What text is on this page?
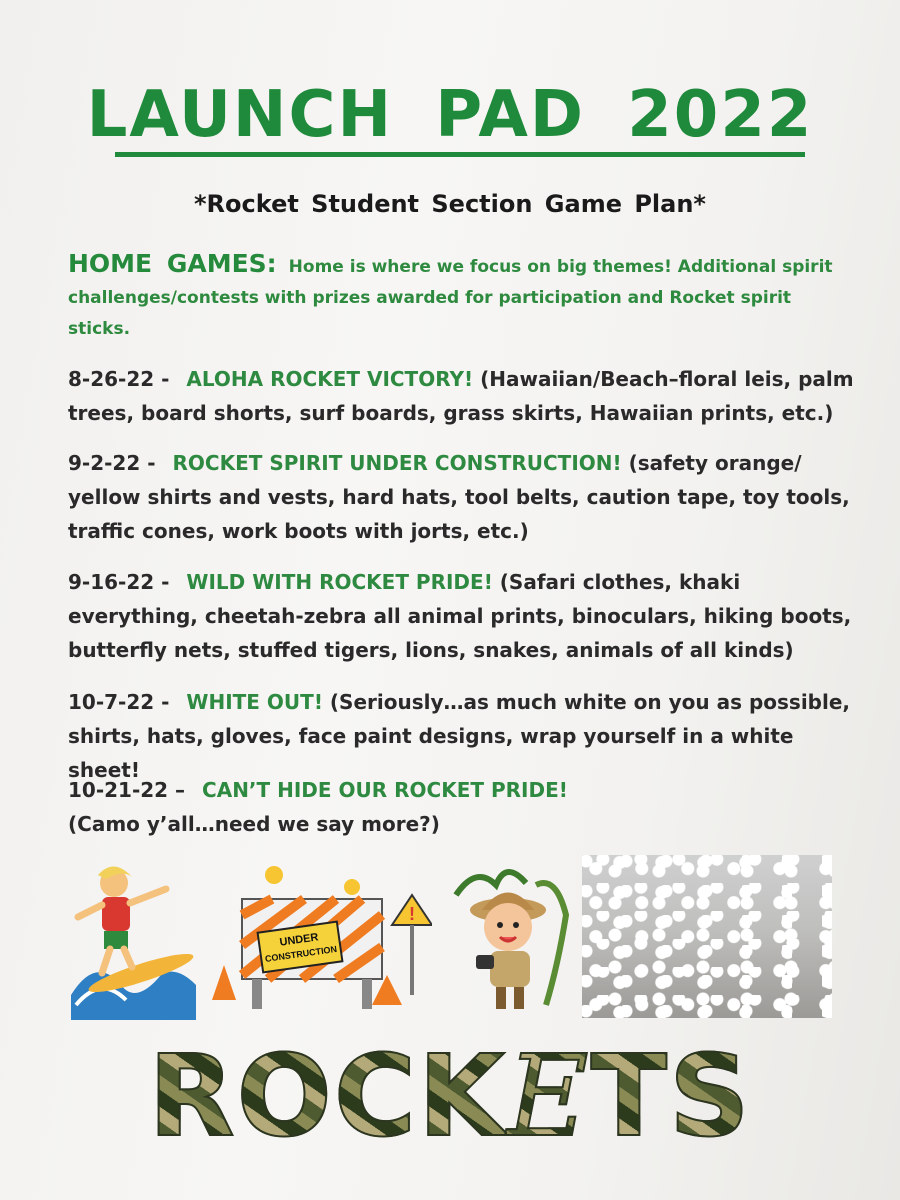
LAUNCH PAD 2022
*Rocket Student Section Game Plan*
HOME GAMES: Home is where we focus on big themes! Additional spirit challenges/contests with prizes awarded for participation and Rocket spirit sticks.
8-26-22 - ALOHA ROCKET VICTORY! (Hawaiian/Beach–floral leis, palm trees, board shorts, surf boards, grass skirts, Hawaiian prints, etc.)
9-2-22 - ROCKET SPIRIT UNDER CONSTRUCTION! (safety orange/ yellow shirts and vests, hard hats, tool belts, caution tape, toy tools, traffic cones, work boots with jorts, etc.)
9-16-22 - WILD WITH ROCKET PRIDE! (Safari clothes, khaki everything, cheetah-zebra all animal prints, binoculars, hiking boots, butterfly nets, stuffed tigers, lions, snakes, animals of all kinds)
10-7-22 - WHITE OUT! (Seriously…as much white on you as possible, shirts, hats, gloves, face paint designs, wrap yourself in a white sheet!
10-21-22 – CAN’T HIDE OUR ROCKET PRIDE! (Camo y’all…need we say more?)
UNDER
CONSTRUCTION
!
ROCKETS
